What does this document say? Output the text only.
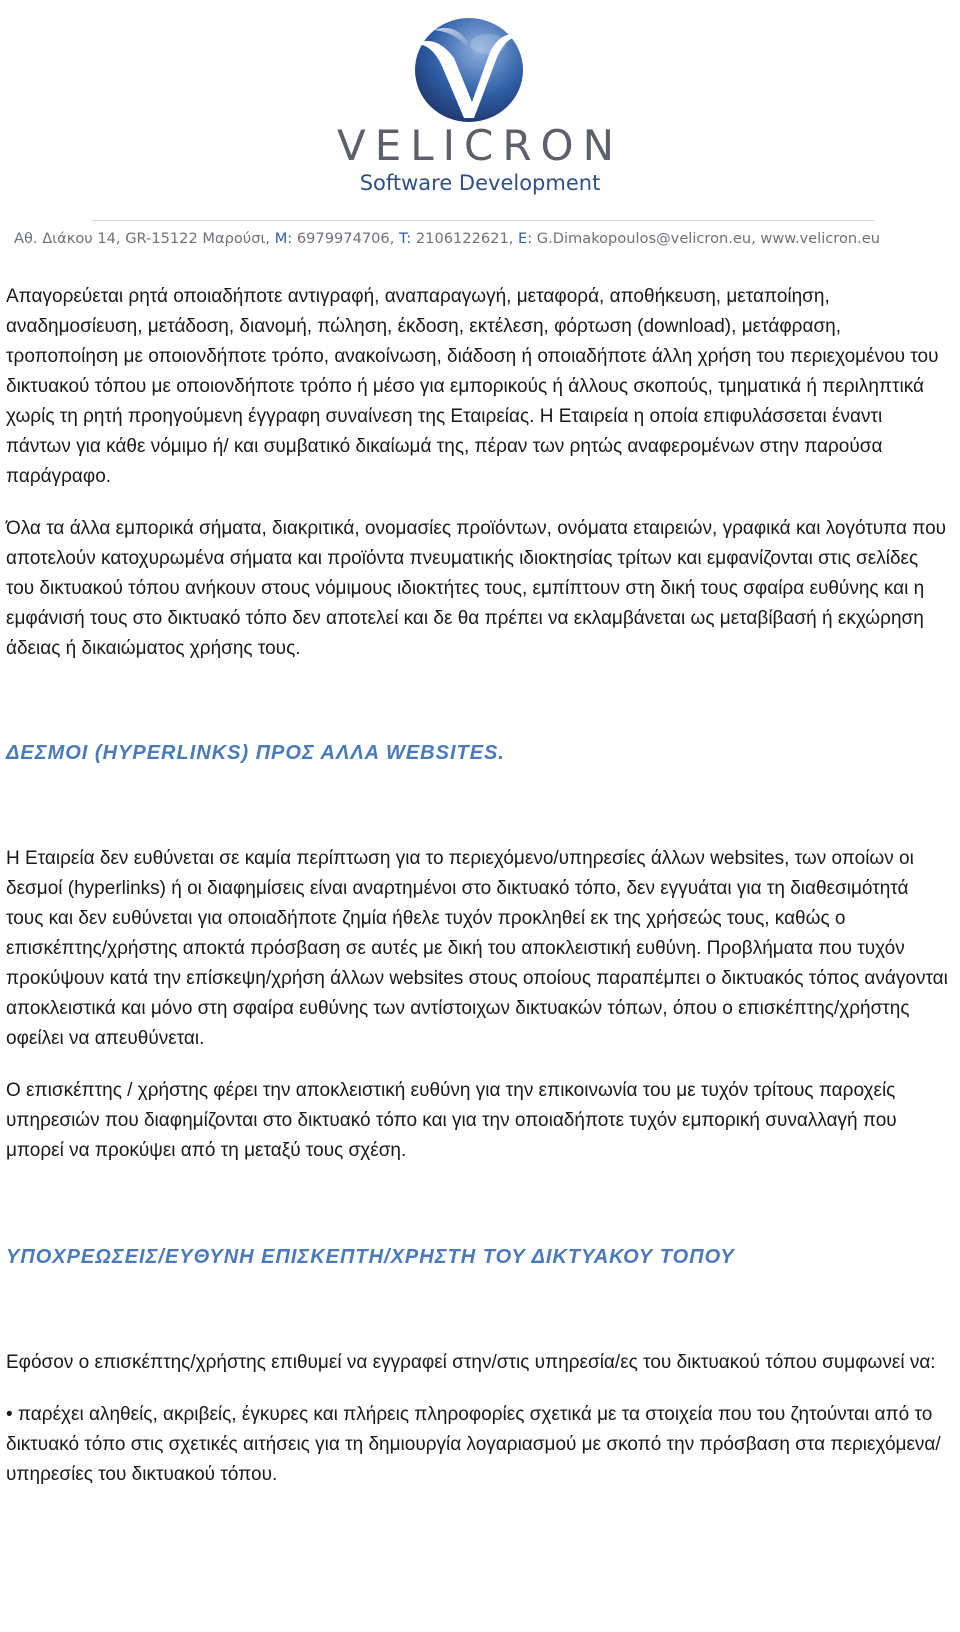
VELICRON
Software Development
Αθ. Διάκου 14, GR-15122 Μαρούσι, M: 6979974706, T: 2106122621, E: G.Dimakopoulos@velicron.eu, www.velicron.eu

Απαγορεύεται ρητά οποιαδήποτε αντιγραφή, αναπαραγωγή, μεταφορά, αποθήκευση, μεταποίηση, αναδημοσίευση, μετάδοση, διανομή, πώληση, έκδοση, εκτέλεση, φόρτωση (download), μετάφραση, τροποποίηση με οποιονδήποτε τρόπο, ανακοίνωση, διάδοση ή οποιαδήποτε άλλη χρήση του περιεχομένου του δικτυακού τόπου με οποιονδήποτε τρόπο ή μέσο για εμπορικούς ή άλλους σκοπούς, τμηματικά ή περιληπτικά χωρίς τη ρητή προηγούμενη έγγραφη συναίνεση της Εταιρείας. Η Εταιρεία η οποία επιφυλάσσεται έναντι πάντων για κάθε νόμιμο ή/ και συμβατικό δικαίωμά της, πέραν των ρητώς αναφερομένων στην παρούσα παράγραφο.

Όλα τα άλλα εμπορικά σήματα, διακριτικά, ονομασίες προϊόντων, ονόματα εταιρειών, γραφικά και λογότυπα που αποτελούν κατοχυρωμένα σήματα και προϊόντα πνευματικής ιδιοκτησίας τρίτων και εμφανίζονται στις σελίδες του δικτυακού τόπου ανήκουν στους νόμιμους ιδιοκτήτες τους, εμπίπτουν στη δική τους σφαίρα ευθύνης και η εμφάνισή τους στο δικτυακό τόπο δεν αποτελεί και δε θα πρέπει να εκλαμβάνεται ως μεταβίβασή ή εκχώρηση άδειας ή δικαιώματος χρήσης τους.

ΔΕΣΜΟΙ (HYPERLINKS) ΠΡΟΣ ΑΛΛΑ WEBSITES.

Η Εταιρεία δεν ευθύνεται σε καμία περίπτωση για το περιεχόμενο/υπηρεσίες άλλων websites, των οποίων οι δεσμοί (hyperlinks) ή οι διαφημίσεις είναι αναρτημένοι στο δικτυακό τόπο, δεν εγγυάται για τη διαθεσιμότητά τους και δεν ευθύνεται για οποιαδήποτε ζημία ήθελε τυχόν προκληθεί εκ της χρήσεώς τους, καθώς ο επισκέπτης/χρήστης αποκτά πρόσβαση σε αυτές με δική του αποκλειστική ευθύνη. Προβλήματα που τυχόν προκύψουν κατά την επίσκεψη/χρήση άλλων websites στους οποίους παραπέμπει ο δικτυακός τόπος ανάγονται αποκλειστικά και μόνο στη σφαίρα ευθύνης των αντίστοιχων δικτυακών τόπων, όπου ο επισκέπτης/χρήστης οφείλει να απευθύνεται.

Ο επισκέπτης / χρήστης φέρει την αποκλειστική ευθύνη για την επικοινωνία του με τυχόν τρίτους παροχείς υπηρεσιών που διαφημίζονται στο δικτυακό τόπο και για την οποιαδήποτε τυχόν εμπορική συναλλαγή που μπορεί να προκύψει από τη μεταξύ τους σχέση.

ΥΠΟΧΡΕΩΣΕΙΣ/ΕΥΘΥΝΗ ΕΠΙΣΚΕΠΤΗ/ΧΡΗΣΤΗ ΤΟΥ ΔΙΚΤΥΑΚΟΥ ΤΟΠΟΥ

Εφόσον ο επισκέπτης/χρήστης επιθυμεί να εγγραφεί στην/στις υπηρεσία/ες του δικτυακού τόπου συμφωνεί να:

• παρέχει αληθείς, ακριβείς, έγκυρες και πλήρεις πληροφορίες σχετικά με τα στοιχεία που του ζητούνται από το δικτυακό τόπο στις σχετικές αιτήσεις για τη δημιουργία λογαριασμού με σκοπό την πρόσβαση στα περιεχόμενα/υπηρεσίες του δικτυακού τόπου.
